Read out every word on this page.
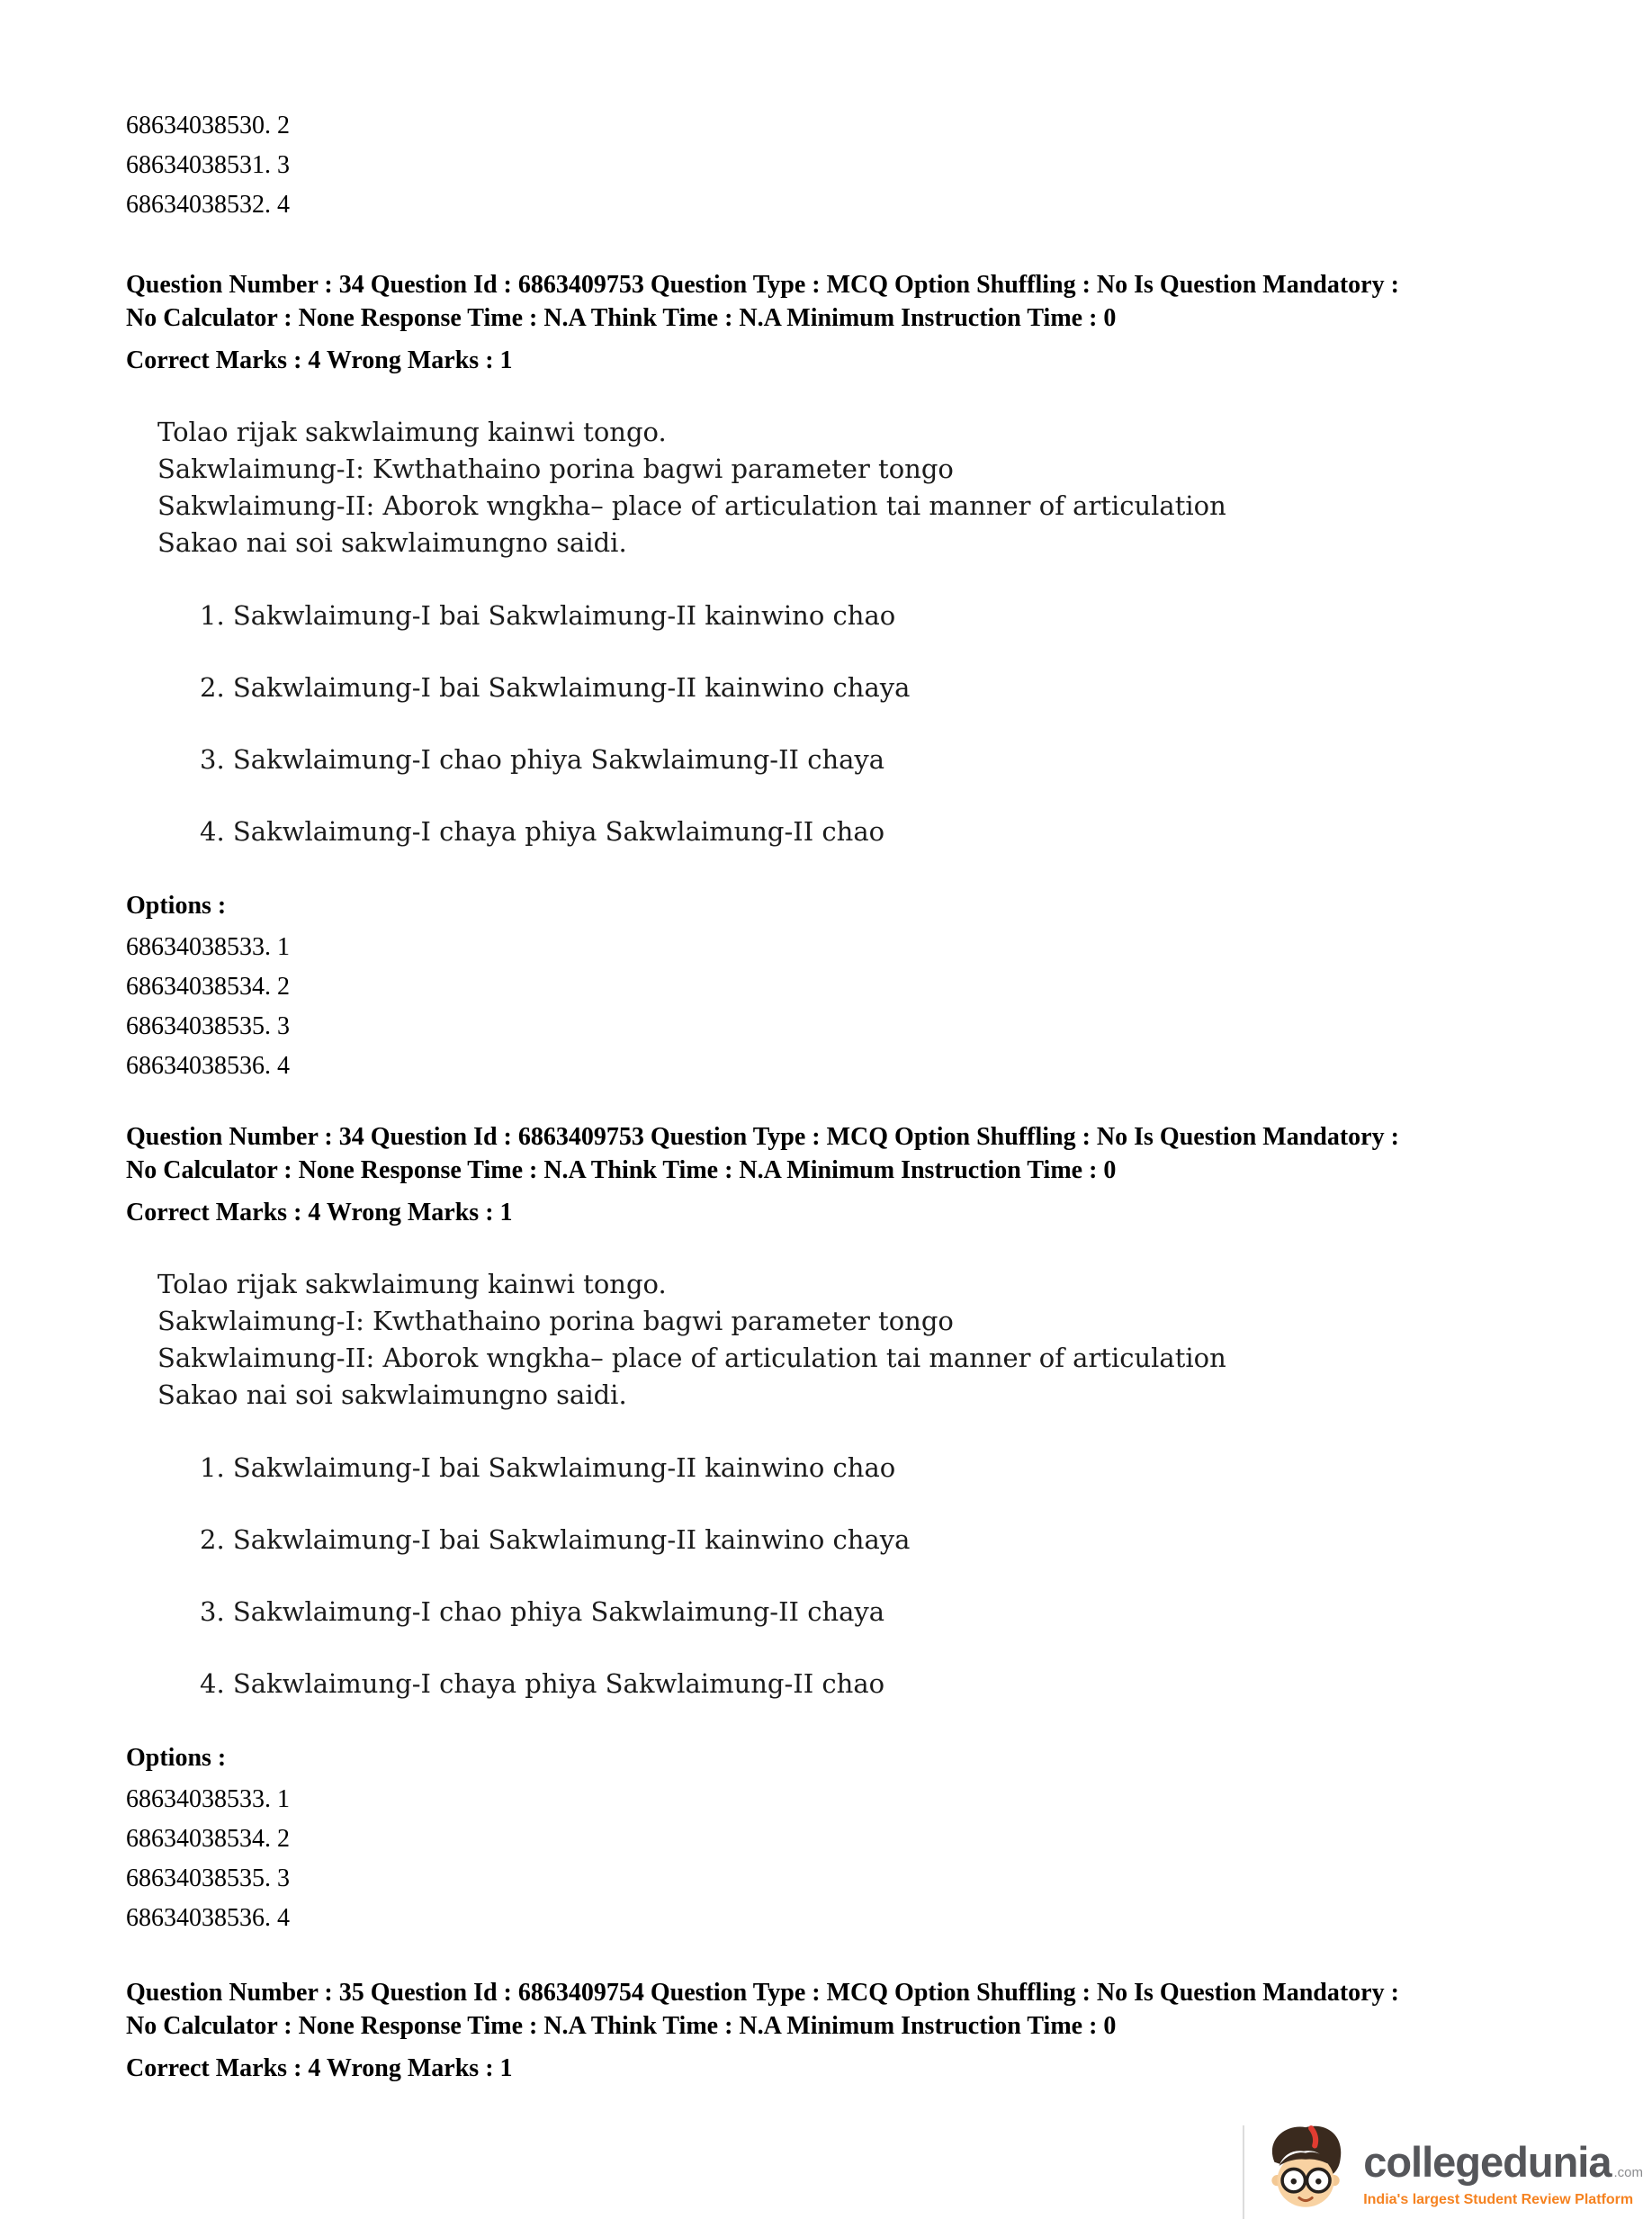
68634038530. 2
68634038531. 3
68634038532. 4
Question Number : 34 Question Id : 6863409753 Question Type : MCQ Option Shuffling : No Is Question Mandatory :
No Calculator : None Response Time : N.A Think Time : N.A Minimum Instruction Time : 0
Correct Marks : 4 Wrong Marks : 1
Tolao rijak sakwlaimung kainwi tongo.
Sakwlaimung-I: Kwthathaino porina bagwi parameter tongo
Sakwlaimung-II: Aborok wngkha– place of articulation tai manner of articulation
Sakao nai soi sakwlaimungno saidi.
1. Sakwlaimung-I bai Sakwlaimung-II kainwino chao
2. Sakwlaimung-I bai Sakwlaimung-II kainwino chaya
3. Sakwlaimung-I chao phiya Sakwlaimung-II chaya
4. Sakwlaimung-I chaya phiya Sakwlaimung-II chao
Options :
68634038533. 1
68634038534. 2
68634038535. 3
68634038536. 4
Question Number : 34 Question Id : 6863409753 Question Type : MCQ Option Shuffling : No Is Question Mandatory :
No Calculator : None Response Time : N.A Think Time : N.A Minimum Instruction Time : 0
Correct Marks : 4 Wrong Marks : 1
Tolao rijak sakwlaimung kainwi tongo.
Sakwlaimung-I: Kwthathaino porina bagwi parameter tongo
Sakwlaimung-II: Aborok wngkha– place of articulation tai manner of articulation
Sakao nai soi sakwlaimungno saidi.
1. Sakwlaimung-I bai Sakwlaimung-II kainwino chao
2. Sakwlaimung-I bai Sakwlaimung-II kainwino chaya
3. Sakwlaimung-I chao phiya Sakwlaimung-II chaya
4. Sakwlaimung-I chaya phiya Sakwlaimung-II chao
Options :
68634038533. 1
68634038534. 2
68634038535. 3
68634038536. 4
Question Number : 35 Question Id : 6863409754 Question Type : MCQ Option Shuffling : No Is Question Mandatory :
No Calculator : None Response Time : N.A Think Time : N.A Minimum Instruction Time : 0
Correct Marks : 4 Wrong Marks : 1
collegedunia .com
India's largest Student Review Platform
